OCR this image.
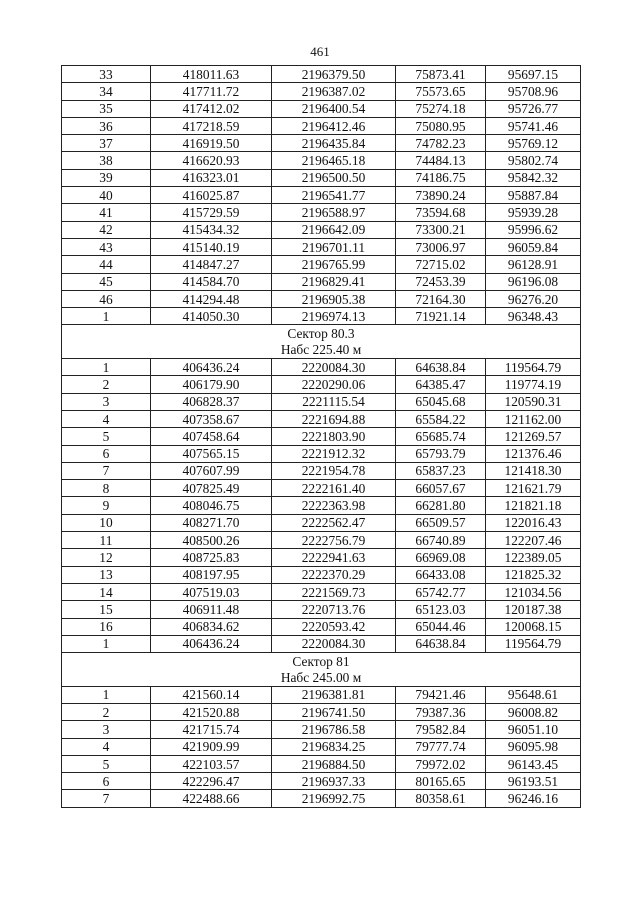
461
33	418011.63	2196379.50	75873.41	95697.15
34	417711.72	2196387.02	75573.65	95708.96
35	417412.02	2196400.54	75274.18	95726.77
36	417218.59	2196412.46	75080.95	95741.46
37	416919.50	2196435.84	74782.23	95769.12
38	416620.93	2196465.18	74484.13	95802.74
39	416323.01	2196500.50	74186.75	95842.32
40	416025.87	2196541.77	73890.24	95887.84
41	415729.59	2196588.97	73594.68	95939.28
42	415434.32	2196642.09	73300.21	95996.62
43	415140.19	2196701.11	73006.97	96059.84
44	414847.27	2196765.99	72715.02	96128.91
45	414584.70	2196829.41	72453.39	96196.08
46	414294.48	2196905.38	72164.30	96276.20
1	414050.30	2196974.13	71921.14	96348.43
Сектор 80.3				
Набс 225.40 м				
1	406436.24	2220084.30	64638.84	119564.79
2	406179.90	2220290.06	64385.47	119774.19
3	406828.37	2221115.54	65045.68	120590.31
4	407358.67	2221694.88	65584.22	121162.00
5	407458.64	2221803.90	65685.74	121269.57
6	407565.15	2221912.32	65793.79	121376.46
7	407607.99	2221954.78	65837.23	121418.30
8	407825.49	2222161.40	66057.67	121621.79
9	408046.75	2222363.98	66281.80	121821.18
10	408271.70	2222562.47	66509.57	122016.43
11	408500.26	2222756.79	66740.89	122207.46
12	408725.83	2222941.63	66969.08	122389.05
13	408197.95	2222370.29	66433.08	121825.32
14	407519.03	2221569.73	65742.77	121034.56
15	406911.48	2220713.76	65123.03	120187.38
16	406834.62	2220593.42	65044.46	120068.15
1	406436.24	2220084.30	64638.84	119564.79
Сектор 81				
Набс 245.00 м				
1	421560.14	2196381.81	79421.46	95648.61
2	421520.88	2196741.50	79387.36	96008.82
3	421715.74	2196786.58	79582.84	96051.10
4	421909.99	2196834.25	79777.74	96095.98
5	422103.57	2196884.50	79972.02	96143.45
6	422296.47	2196937.33	80165.65	96193.51
7	422488.66	2196992.75	80358.61	96246.16
